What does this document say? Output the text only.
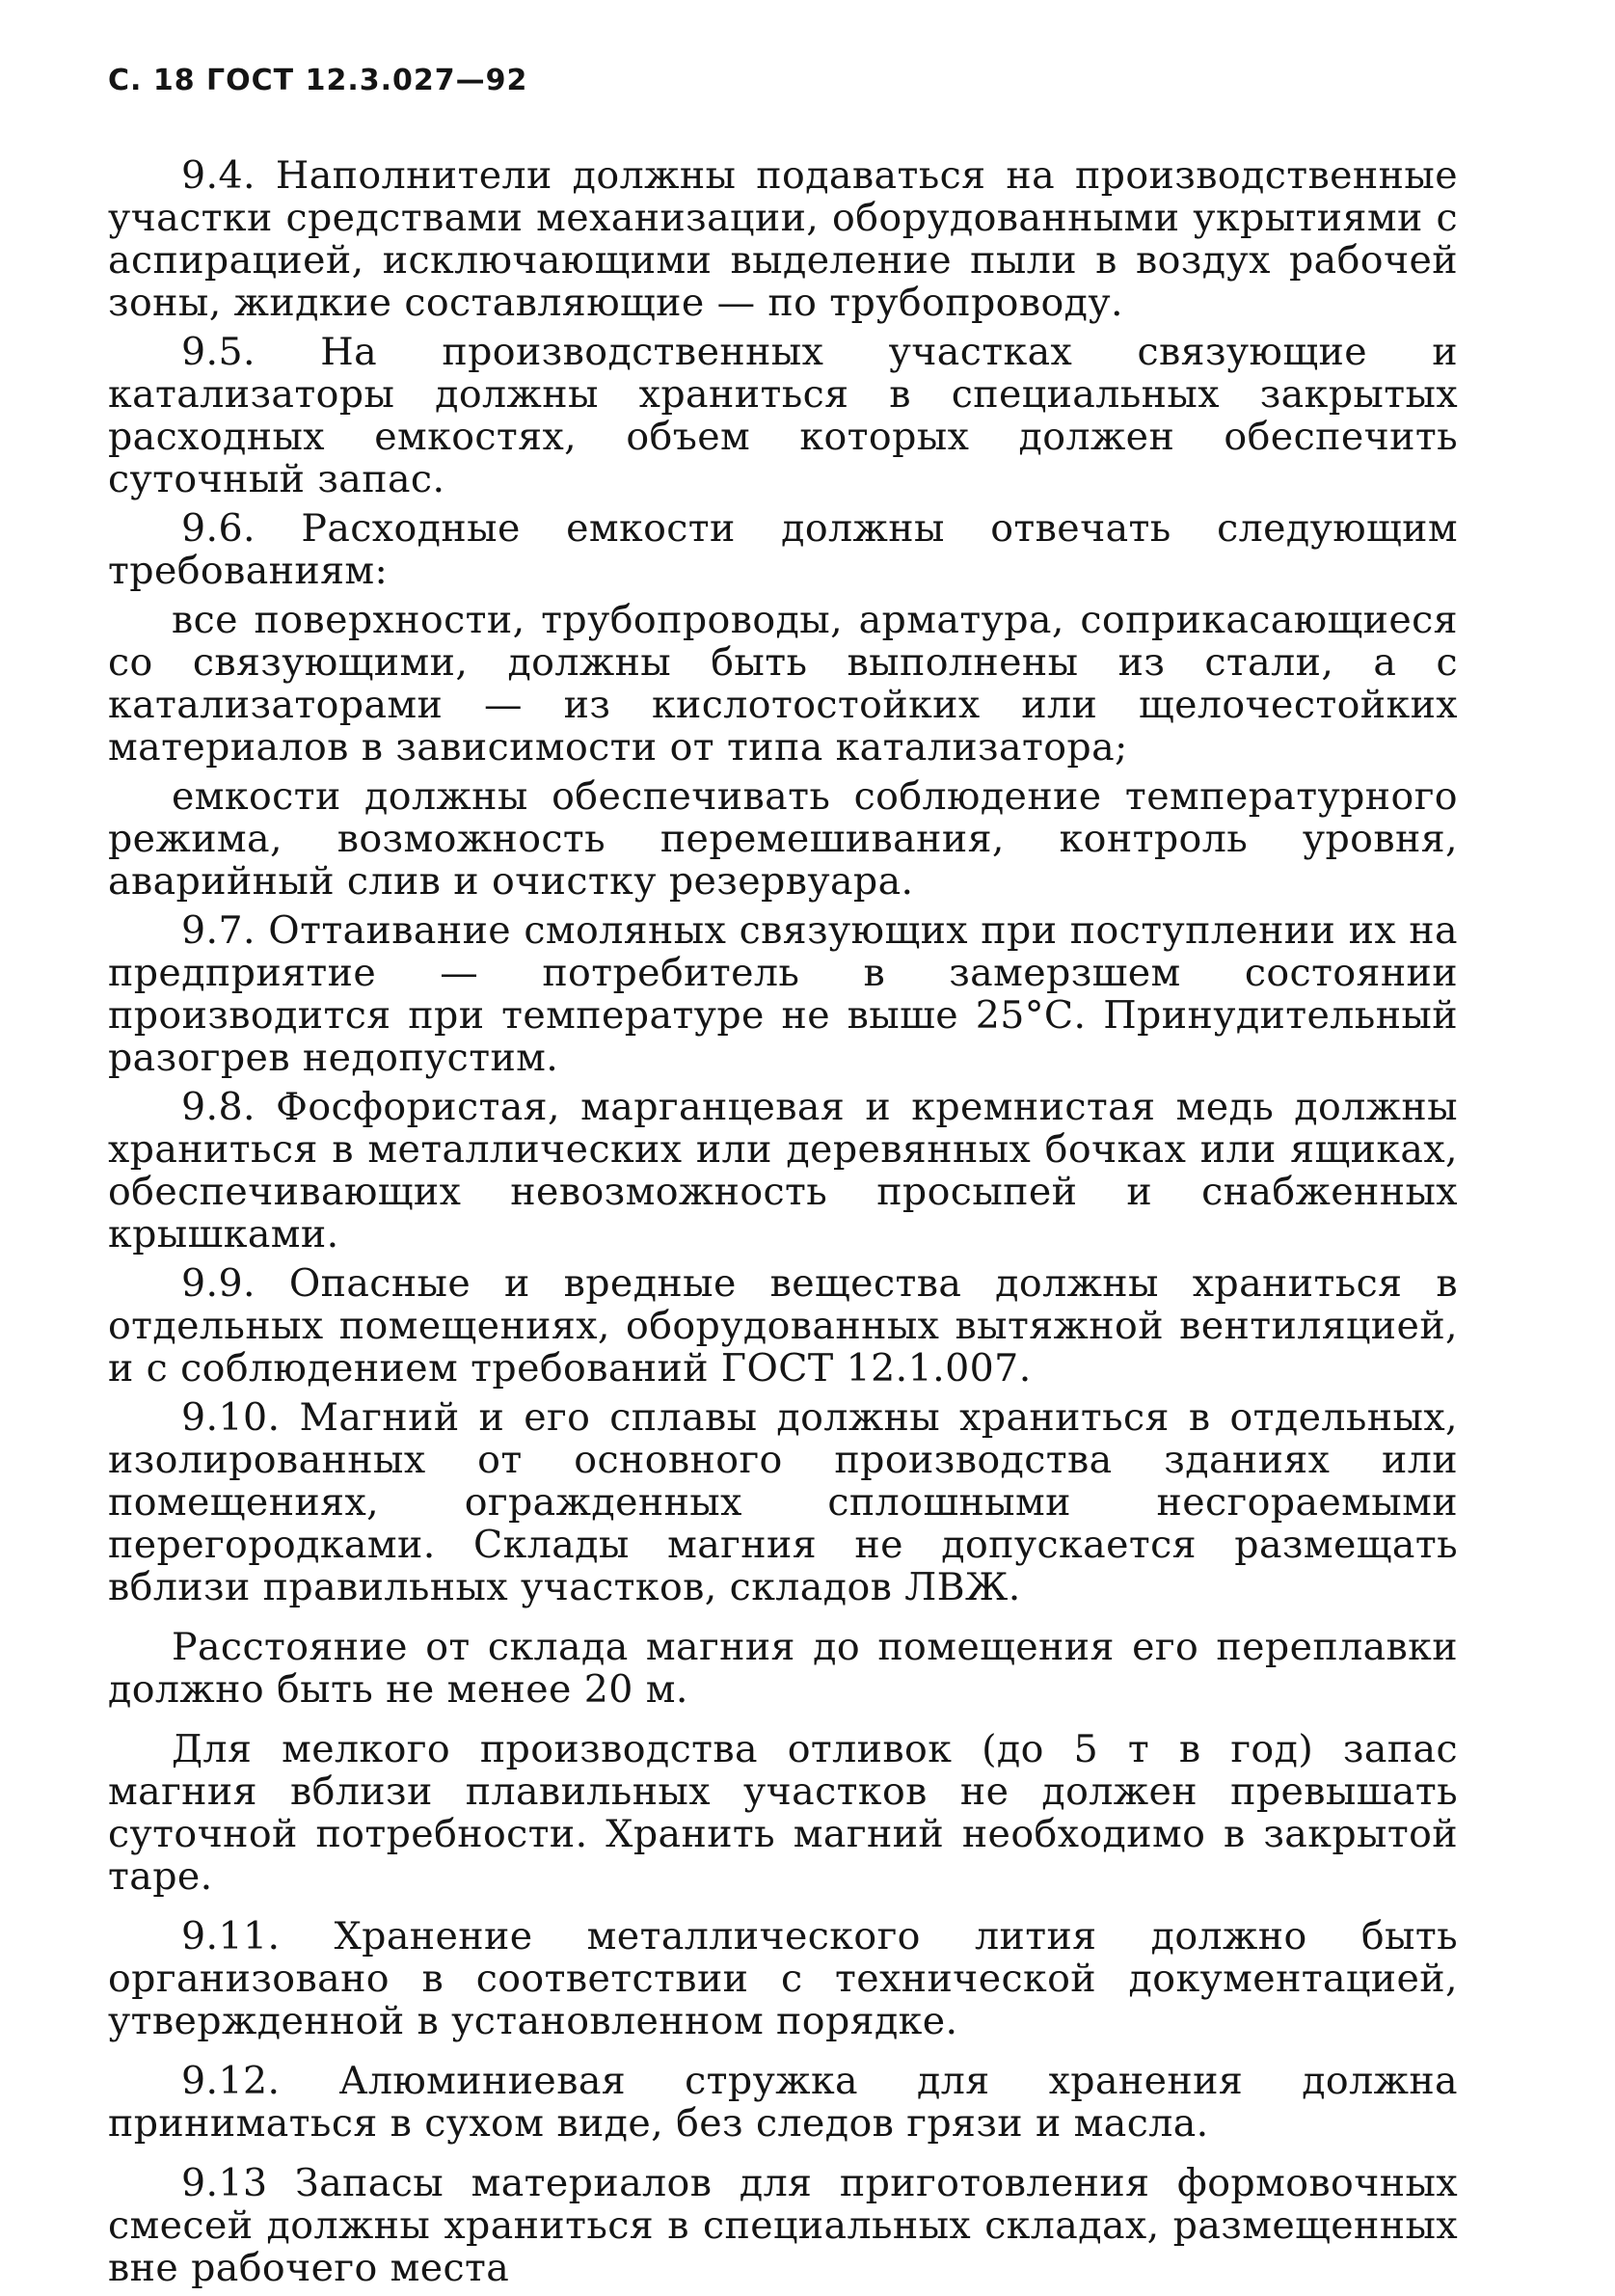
С. 18 ГОСТ 12.3.027—92

9.4. Наполнители должны подаваться на производственные участки средствами механизации, оборудованными укрытиями с аспирацией, исключающими выделение пыли в воздух рабочей зоны, жидкие составляющие — по трубопроводу.

9.5. На производственных участках связующие и катализаторы должны храниться в специальных закрытых расходных емкостях, объем которых должен обеспечить суточный запас.

9.6. Расходные емкости должны отвечать следующим требованиям:

все поверхности, трубопроводы, арматура, соприкасающиеся со связующими, должны быть выполнены из стали, а с катализаторами — из кислотостойких или щелочестойких материалов в зависимости от типа катализатора;

емкости должны обеспечивать соблюдение температурного режима, возможность перемешивания, контроль уровня, аварийный слив и очистку резервуара.

9.7. Оттаивание смоляных связующих при поступлении их на предприятие — потребитель в замерзшем состоянии производится при температуре не выше 25°С. Принудительный разогрев недопустим.

9.8. Фосфористая, марганцевая и кремнистая медь должны храниться в металлических или деревянных бочках или ящиках, обеспечивающих невозможность просыпей и снабженных крышками.

9.9. Опасные и вредные вещества должны храниться в отдельных помещениях, оборудованных вытяжной вентиляцией, и с соблюдением требований ГОСТ 12.1.007.

9.10. Магний и его сплавы должны храниться в отдельных, изолированных от основного производства зданиях или помещениях, огражденных сплошными несгораемыми перегородками. Склады магния не допускается размещать вблизи правильных участков, складов ЛВЖ.

Расстояние от склада магния до помещения его переплавки должно быть не менее 20 м.

Для мелкого производства отливок (до 5 т в год) запас магния вблизи плавильных участков не должен превышать суточной потребности. Хранить магний необходимо в закрытой таре.

9.11. Хранение металлического лития должно быть организовано в соответствии с технической документацией, утвержденной в установленном порядке.

9.12. Алюминиевая стружка для хранения должна приниматься в сухом виде, без следов грязи и масла.

9.13 Запасы материалов для приготовления формовочных смесей должны храниться в специальных складах, размещенных вне рабочего места
